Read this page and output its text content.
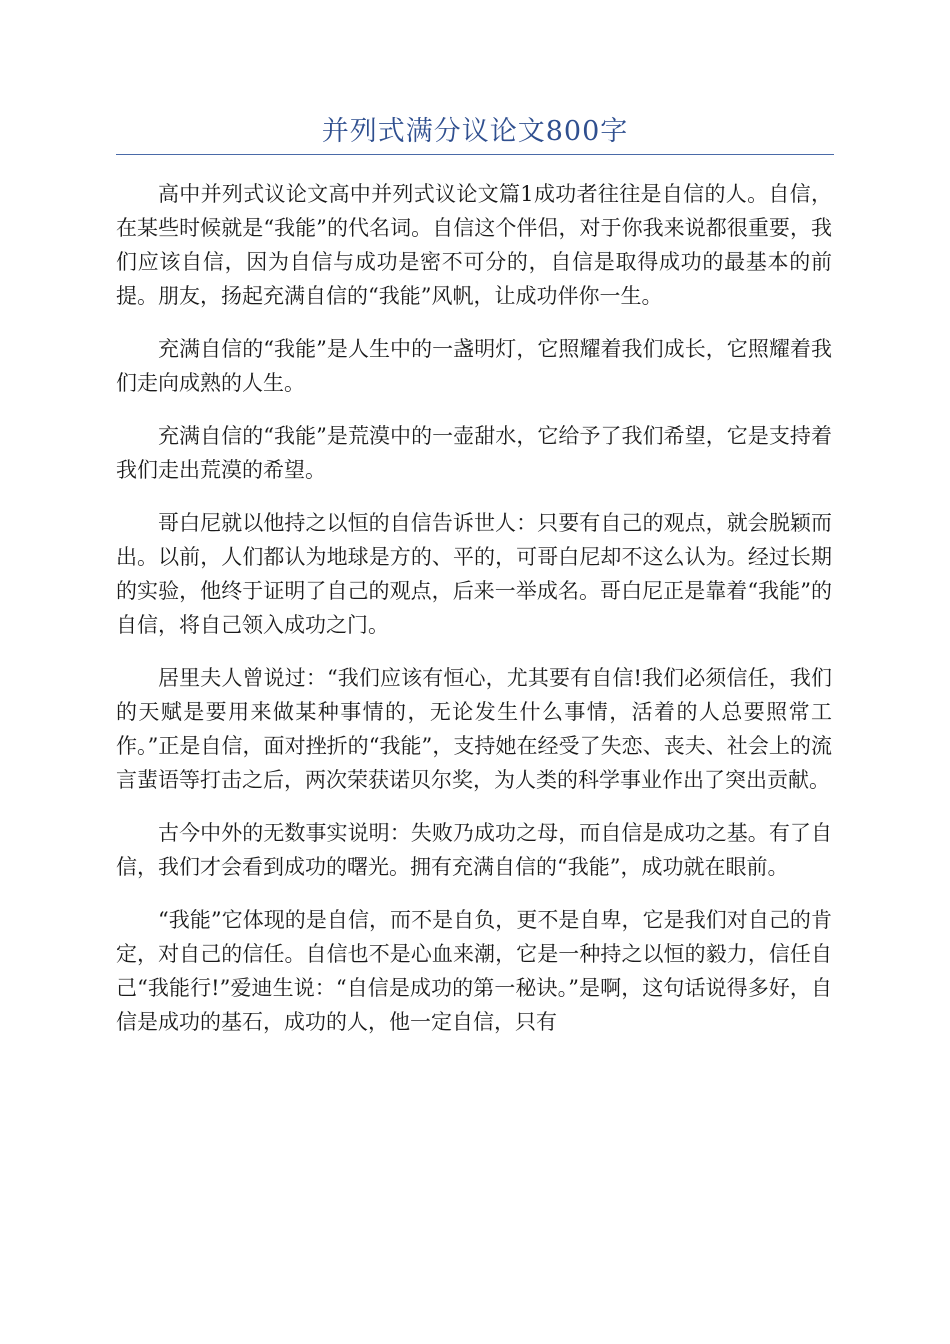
并列式满分议论文800字

高中并列式议论文高中并列式议论文篇1成功者往往是自信的人。自信，在某些时候就是“我能”的代名词。自信这个伴侣，对于你我来说都很重要，我们应该自信，因为自信与成功是密不可分的，自信是取得成功的最基本的前提。朋友，扬起充满自信的“我能”风帆，让成功伴你一生。

充满自信的“我能”是人生中的一盏明灯，它照耀着我们成长，它照耀着我们走向成熟的人生。

充满自信的“我能”是荒漠中的一壶甜水，它给予了我们希望，它是支持着我们走出荒漠的希望。

哥白尼就以他持之以恒的自信告诉世人：只要有自己的观点，就会脱颖而出。以前，人们都认为地球是方的、平的，可哥白尼却不这么认为。经过长期的实验，他终于证明了自己的观点，后来一举成名。哥白尼正是靠着“我能”的自信，将自己领入成功之门。

居里夫人曾说过：“我们应该有恒心，尤其要有自信!我们必须信任，我们的天赋是要用来做某种事情的，无论发生什么事情，活着的人总要照常工作。”正是自信，面对挫折的“我能”，支持她在经受了失恋、丧夫、社会上的流言蜚语等打击之后，两次荣获诺贝尔奖，为人类的科学事业作出了突出贡献。

古今中外的无数事实说明：失败乃成功之母，而自信是成功之基。有了自信，我们才会看到成功的曙光。拥有充满自信的“我能”，成功就在眼前。

“我能”它体现的是自信，而不是自负，更不是自卑，它是我们对自己的肯定，对自己的信任。自信也不是心血来潮，它是一种持之以恒的毅力，信任自己“我能行!”爱迪生说：“自信是成功的第一秘诀。”是啊，这句话说得多好，自信是成功的基石，成功的人，他一定自信，只有
